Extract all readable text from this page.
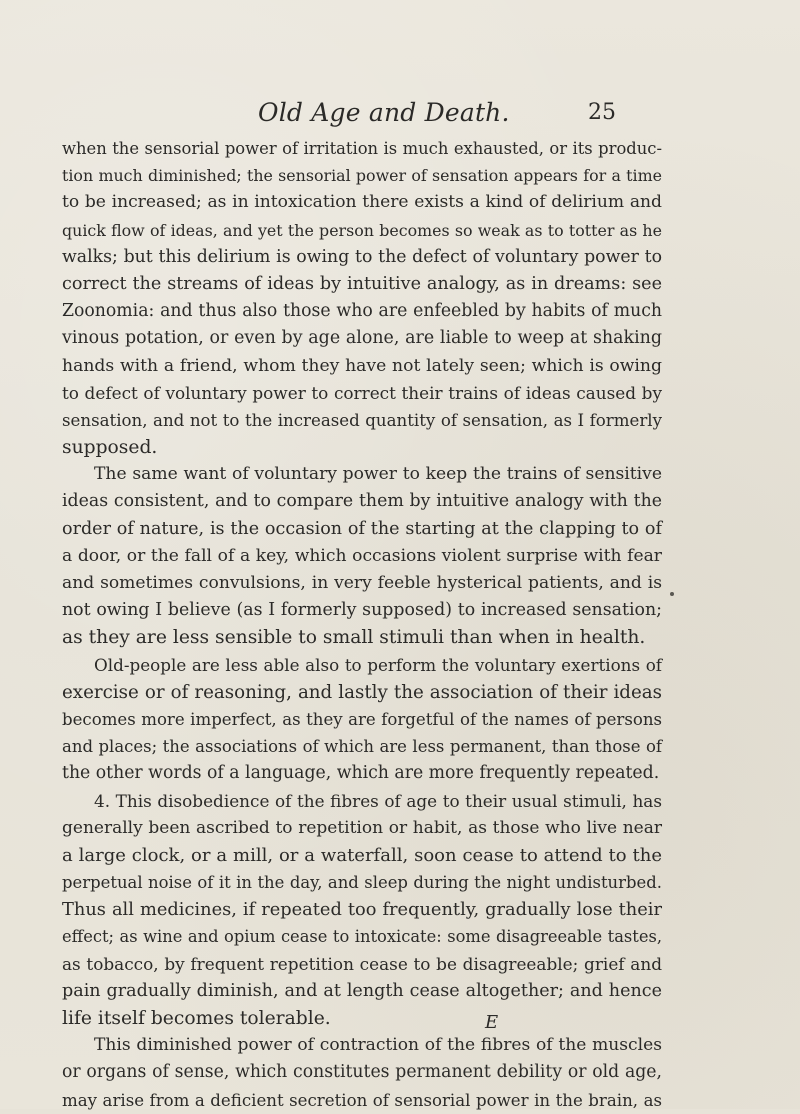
Old Age and Death.	25
when the sensorial power of irritation is much exhausted, or its produc-
tion much diminished; the sensorial power of sensation appears for a time
to be increased; as in intoxication there exists a kind of delirium and
quick flow of ideas, and yet the person becomes so weak as to totter as he
walks; but this delirium is owing to the defect of voluntary power to
correct the streams of ideas by intuitive analogy, as in dreams: see
Zoonomia: and thus also those who are enfeebled by habits of much
vinous potation, or even by age alone, are liable to weep at shaking
hands with a friend, whom they have not lately seen; which is owing
to defect of voluntary power to correct their trains of ideas caused by
sensation, and not to the increased quantity of sensation, as I formerly
supposed.
The same want of voluntary power to keep the trains of sensitive
ideas consistent, and to compare them by intuitive analogy with the
order of nature, is the occasion of the starting at the clapping to of
a door, or the fall of a key, which occasions violent surprise with fear
and sometimes convulsions, in very feeble hysterical patients, and is
not owing I believe (as I formerly supposed) to increased sensation;
as they are less sensible to small stimuli than when in health.
Old-people are less able also to perform the voluntary exertions of
exercise or of reasoning, and lastly the association of their ideas
becomes more imperfect, as they are forgetful of the names of persons
and places; the associations of which are less permanent, than those of
the other words of a language, which are more frequently repeated.
4. This disobedience of the fibres of age to their usual stimuli, has
generally been ascribed to repetition or habit, as those who live near
a large clock, or a mill, or a waterfall, soon cease to attend to the
perpetual noise of it in the day, and sleep during the night undisturbed.
Thus all medicines, if repeated too frequently, gradually lose their
effect; as wine and opium cease to intoxicate: some disagreeable tastes,
as tobacco, by frequent repetition cease to be disagreeable; grief and
pain gradually diminish, and at length cease altogether; and hence
life itself becomes tolerable.
This diminished power of contraction of the fibres of the muscles
or organs of sense, which constitutes permanent debility or old age,
may arise from a deficient secretion of sensorial power in the brain, as
E
